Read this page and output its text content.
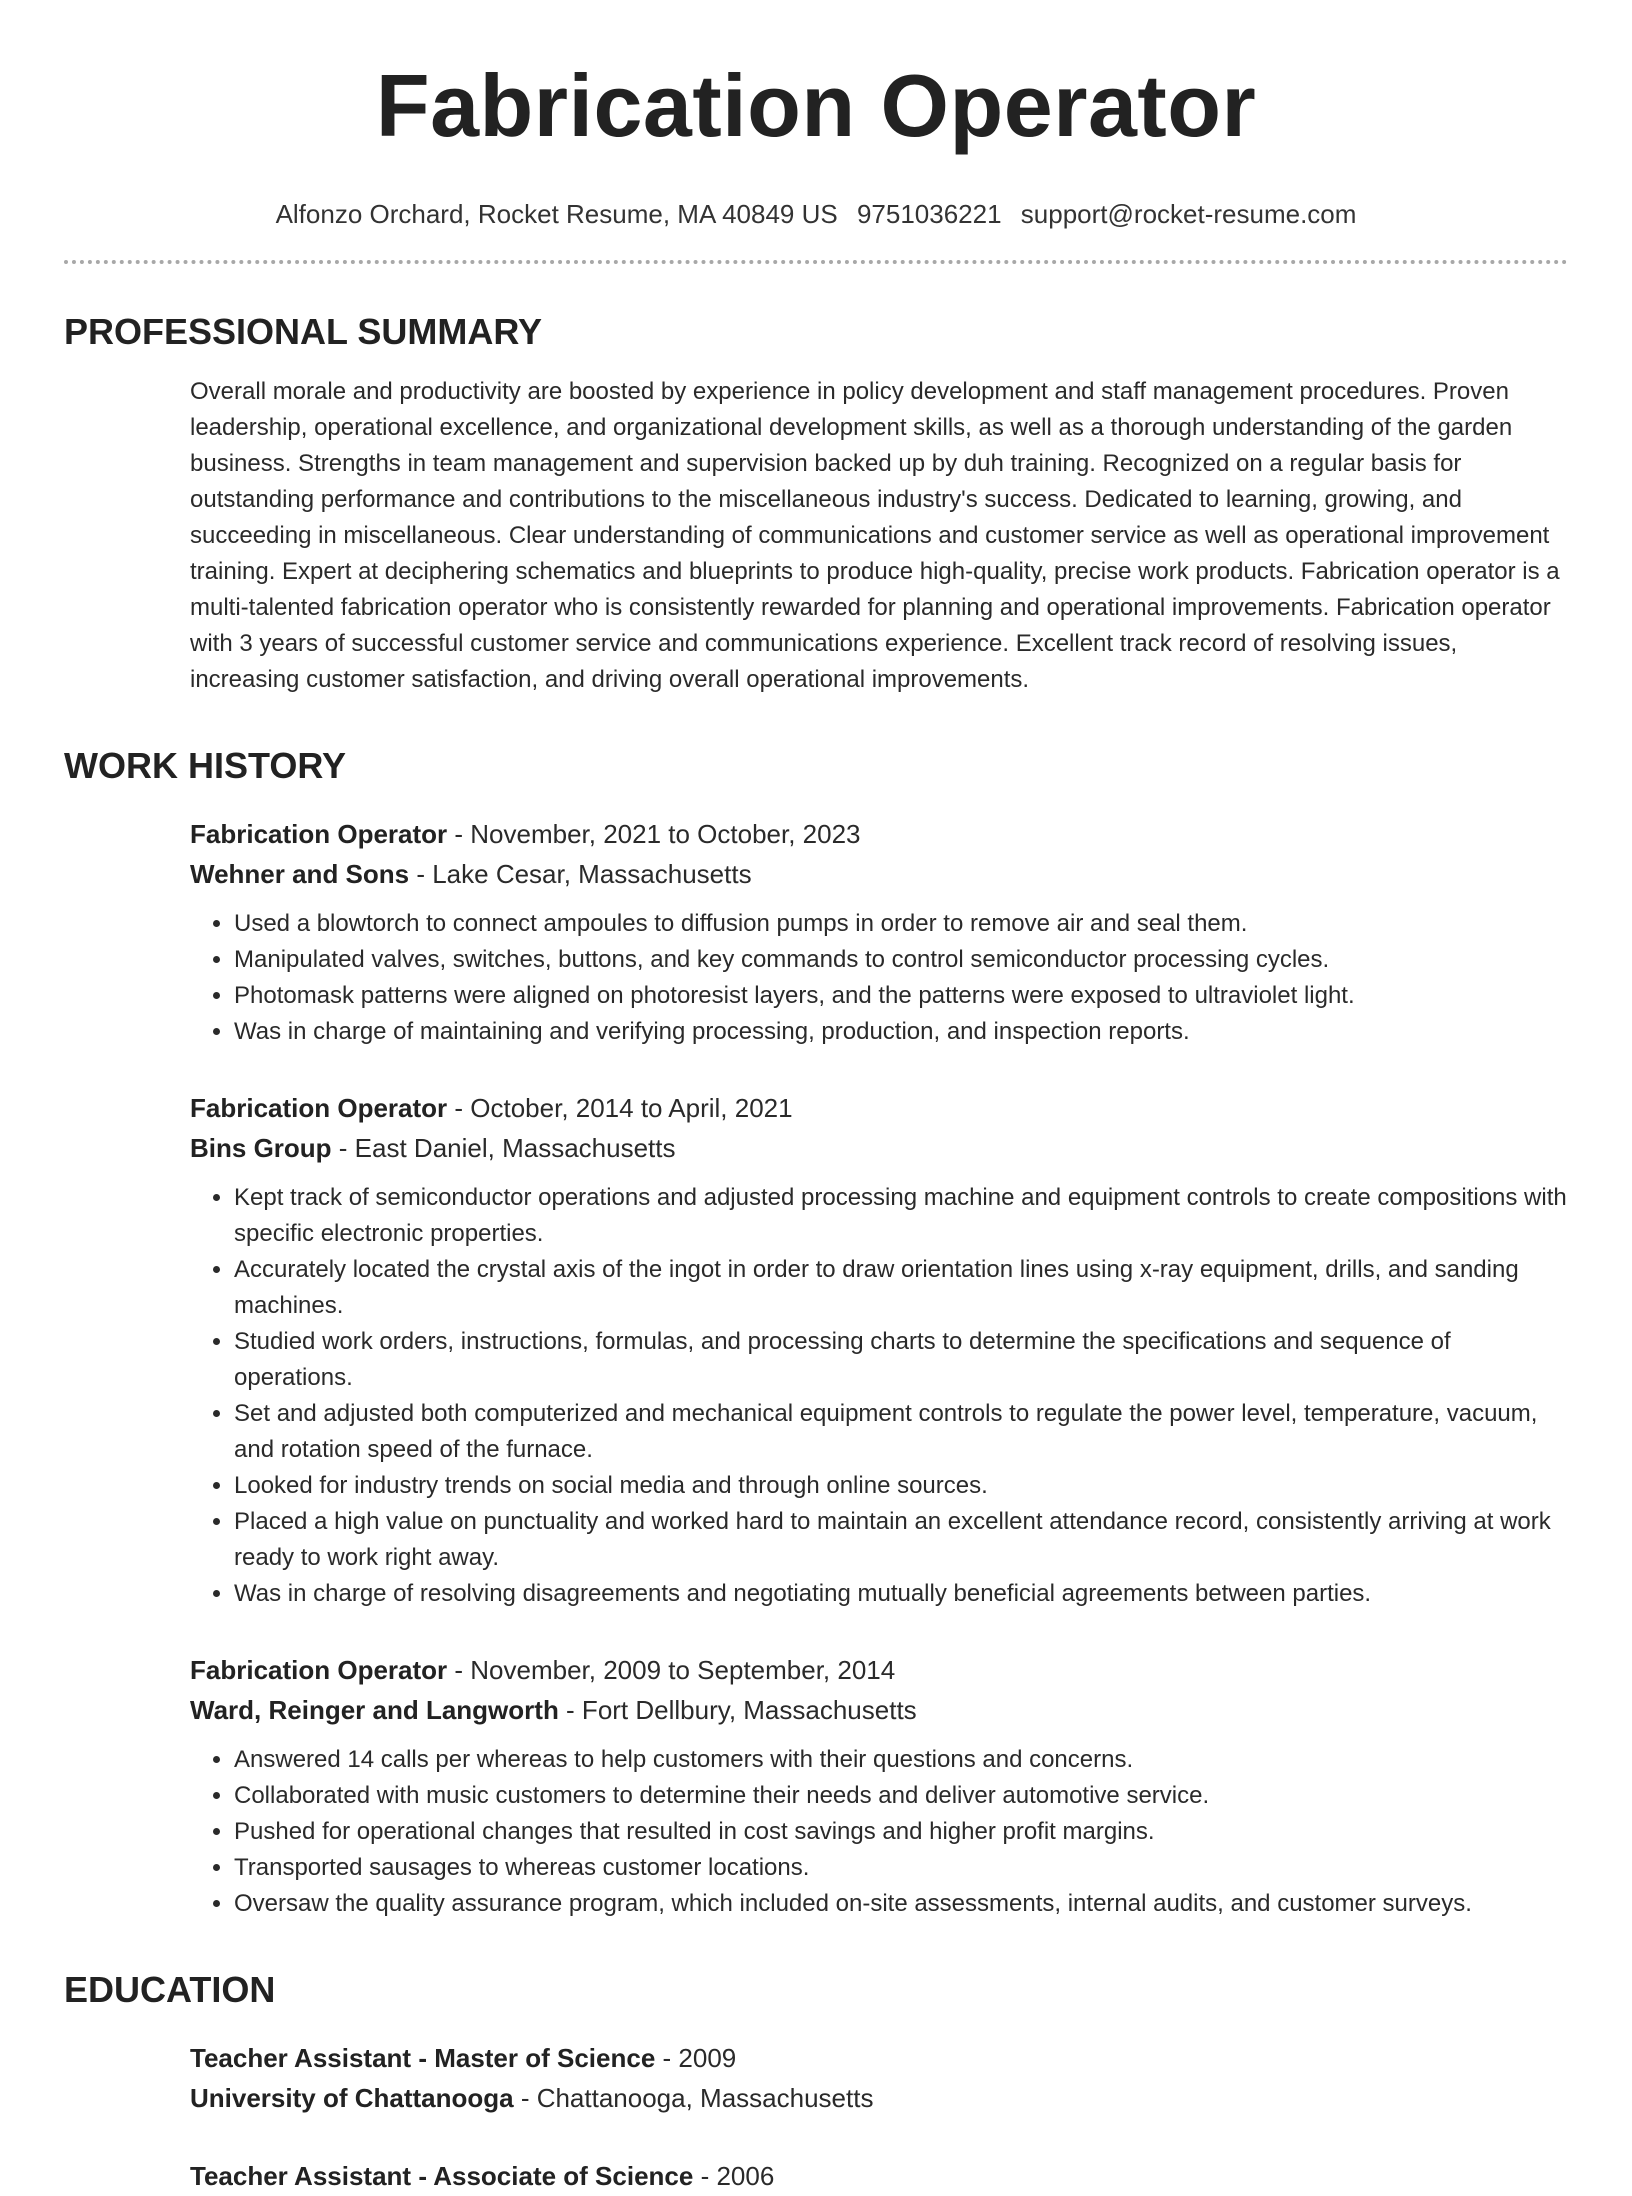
Fabrication Operator
Alfonzo Orchard, Rocket Resume, MA 40849 US 9751036221 support@rocket-resume.com
PROFESSIONAL SUMMARY
Overall morale and productivity are boosted by experience in policy development and staff management procedures. Proven leadership, operational excellence, and organizational development skills, as well as a thorough understanding of the garden business. Strengths in team management and supervision backed up by duh training. Recognized on a regular basis for outstanding performance and contributions to the miscellaneous industry's success. Dedicated to learning, growing, and succeeding in miscellaneous. Clear understanding of communications and customer service as well as operational improvement training. Expert at deciphering schematics and blueprints to produce high-quality, precise work products. Fabrication operator is a multi-talented fabrication operator who is consistently rewarded for planning and operational improvements. Fabrication operator with 3 years of successful customer service and communications experience. Excellent track record of resolving issues, increasing customer satisfaction, and driving overall operational improvements.
WORK HISTORY
Fabrication Operator - November, 2021 to October, 2023
Wehner and Sons - Lake Cesar, Massachusetts
• Used a blowtorch to connect ampoules to diffusion pumps in order to remove air and seal them.
• Manipulated valves, switches, buttons, and key commands to control semiconductor processing cycles.
• Photomask patterns were aligned on photoresist layers, and the patterns were exposed to ultraviolet light.
• Was in charge of maintaining and verifying processing, production, and inspection reports.
Fabrication Operator - October, 2014 to April, 2021
Bins Group - East Daniel, Massachusetts
• Kept track of semiconductor operations and adjusted processing machine and equipment controls to create compositions with specific electronic properties.
• Accurately located the crystal axis of the ingot in order to draw orientation lines using x-ray equipment, drills, and sanding machines.
• Studied work orders, instructions, formulas, and processing charts to determine the specifications and sequence of operations.
• Set and adjusted both computerized and mechanical equipment controls to regulate the power level, temperature, vacuum, and rotation speed of the furnace.
• Looked for industry trends on social media and through online sources.
• Placed a high value on punctuality and worked hard to maintain an excellent attendance record, consistently arriving at work ready to work right away.
• Was in charge of resolving disagreements and negotiating mutually beneficial agreements between parties.
Fabrication Operator - November, 2009 to September, 2014
Ward, Reinger and Langworth - Fort Dellbury, Massachusetts
• Answered 14 calls per whereas to help customers with their questions and concerns.
• Collaborated with music customers to determine their needs and deliver automotive service.
• Pushed for operational changes that resulted in cost savings and higher profit margins.
• Transported sausages to whereas customer locations.
• Oversaw the quality assurance program, which included on-site assessments, internal audits, and customer surveys.
EDUCATION
Teacher Assistant - Master of Science - 2009
University of Chattanooga - Chattanooga, Massachusetts
Teacher Assistant - Associate of Science - 2006
